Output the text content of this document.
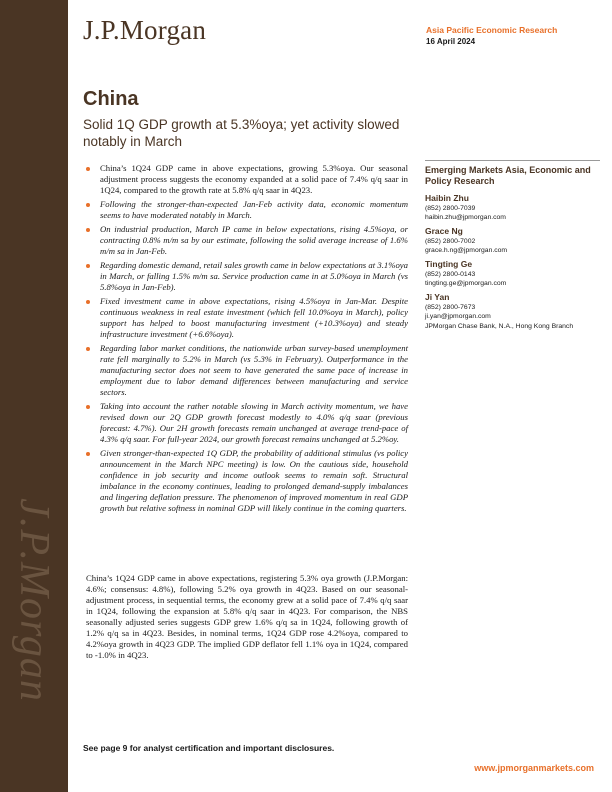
J.P.Morgan
J.P.Morgan	Asia Pacific Economic Research
16 April 2024
China
Solid 1Q GDP growth at 5.3%oya; yet activity slowed notably in March
China’s 1Q24 GDP came in above expectations, growing 5.3%oya. Our seasonal adjustment process suggests the economy expanded at a solid pace of 7.4% q/q saar in 1Q24, compared to the growth rate at 5.8% q/q saar in 4Q23.
Following the stronger-than-expected Jan-Feb activity data, economic momentum seems to have moderated notably in March.
On industrial production, March IP came in below expectations, rising 4.5%oya, or contracting 0.8% m/m sa by our estimate, following the solid average increase of 1.6% m/m sa in Jan-Feb.
Regarding domestic demand, retail sales growth came in below expectations at 3.1%oya in March, or falling 1.5% m/m sa. Service production came in at 5.0%oya in March (vs 5.8%oya in Jan-Feb).
Fixed investment came in above expectations, rising 4.5%oya in Jan-Mar. Despite continuous weakness in real estate investment (which fell 10.0%oya in March), policy support has helped to boost manufacturing investment (+10.3%oya) and steady infrastructure investment (+6.6%oya).
Regarding labor market conditions, the nationwide urban survey-based unemployment rate fell marginally to 5.2% in March (vs 5.3% in February). Outperformance in the manufacturing sector does not seem to have generated the same pace of increase in employment due to labor demand differences between manufacturing and service sectors.
Taking into account the rather notable slowing in March activity momentum, we have revised down our 2Q GDP growth forecast modestly to 4.0% q/q saar (previous forecast: 4.7%). Our 2H growth forecasts remain unchanged at average trend-pace of 4.3% q/q saar. For full-year 2024, our growth forecast remains unchanged at 5.2%oy.
Given stronger-than-expected 1Q GDP, the probability of additional stimulus (vs policy announcement in the March NPC meeting) is low. On the cautious side, household confidence in job security and income outlook seems to remain soft. Structural imbalance in the economy continues, leading to prolonged demand-supply imbalances and lingering deflation pressure. The phenomenon of improved momentum in real GDP growth but relative softness in nominal GDP will likely continue in the coming quarters.

China’s 1Q24 GDP came in above expectations, registering 5.3% oya growth (J.P.Morgan: 4.6%; consensus: 4.8%), following 5.2% oya growth in 4Q23. Based on our seasonal-adjustment process, in sequential terms, the economy grew at a solid pace of 7.4% q/q saar in 1Q24, following the expansion at 5.8% q/q saar in 4Q23. For comparison, the NBS seasonally adjusted series suggests GDP grew 1.6% q/q sa in 1Q24, following growth of 1.2% q/q sa in 4Q23. Besides, in nominal terms, 1Q24 GDP rose 4.2%oya, compared to 4.2%oya growth in 4Q23 GDP. The implied GDP deflator fell 1.1% oya in 1Q24, compared to -1.0% in 4Q23.

Emerging Markets Asia, Economic and Policy Research
Haibin Zhu
(852) 2800-7039
haibin.zhu@jpmorgan.com
Grace Ng
(852) 2800-7002
grace.h.ng@jpmorgan.com
Tingting Ge
(852) 2800-0143
tingting.ge@jpmorgan.com
Ji Yan
(852) 2800-7673
ji.yan@jpmorgan.com
JPMorgan Chase Bank, N.A., Hong Kong Branch
See page 9 for analyst certification and important disclosures.
www.jpmorganmarkets.com
